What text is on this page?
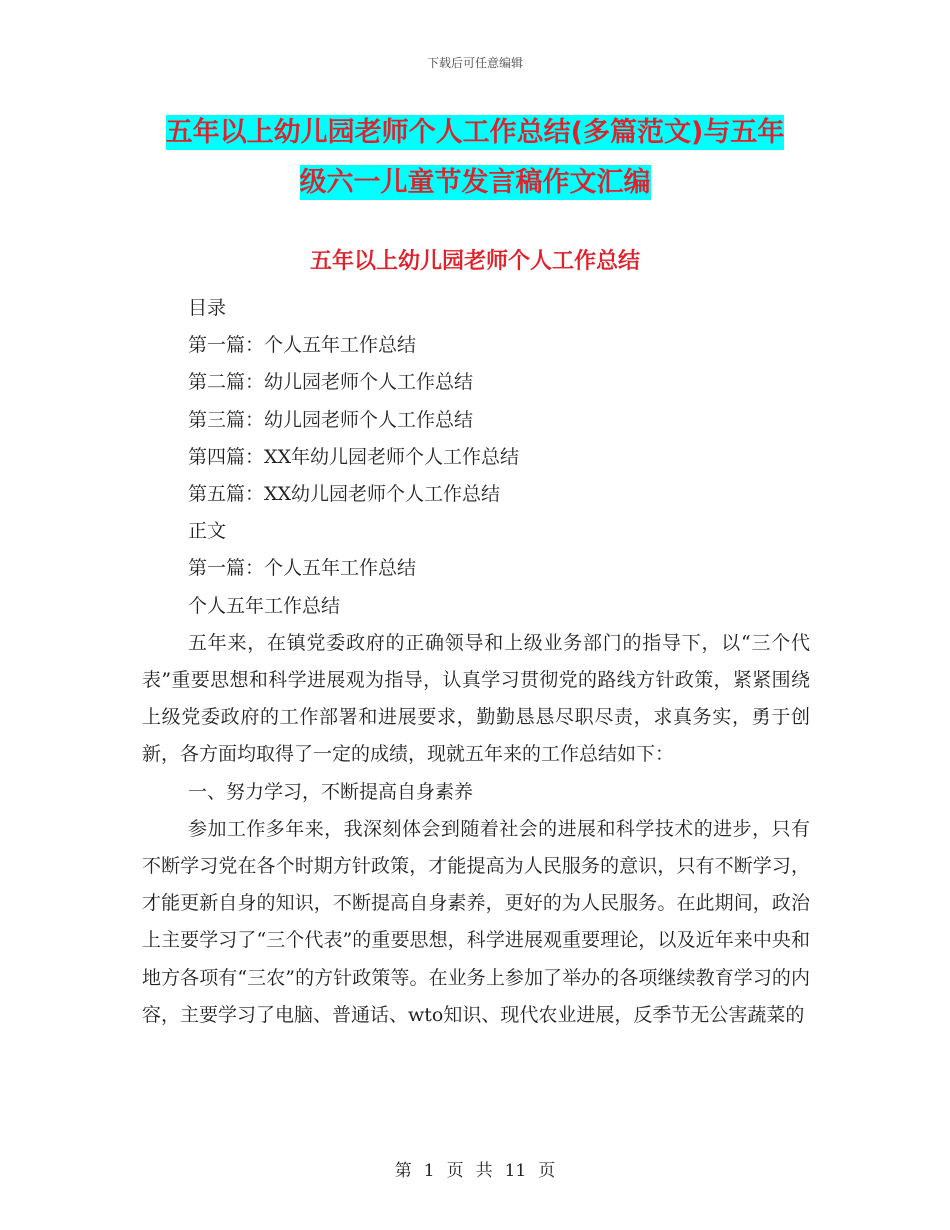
下载后可任意编辑
五年以上幼儿园老师个人工作总结(多篇范文)与五年
级六一儿童节发言稿作文汇编
五年以上幼儿园老师个人工作总结
目录
第一篇：个人五年工作总结
第二篇：幼儿园老师个人工作总结
第三篇：幼儿园老师个人工作总结
第四篇：XX年幼儿园老师个人工作总结
第五篇：XX幼儿园老师个人工作总结
正文
第一篇：个人五年工作总结
个人五年工作总结

五年来，在镇党委政府的正确领导和上级业务部门的指导下，以“三个代表”重要思想和科学进展观为指导，认真学习贯彻党的路线方针政策，紧紧围绕上级党委政府的工作部署和进展要求，勤勤恳恳尽职尽责，求真务实，勇于创新，各方面均取得了一定的成绩，现就五年来的工作总结如下：

一、努力学习，不断提高自身素养

参加工作多年来，我深刻体会到随着社会的进展和科学技术的进步，只有不断学习党在各个时期方针政策，才能提高为人民服务的意识，只有不断学习，才能更新自身的知识，不断提高自身素养，更好的为人民服务。在此期间，政治上主要学习了“三个代表”的重要思想，科学进展观重要理论，以及近年来中央和地方各项有“三农”的方针政策等。在业务上参加了举办的各项继续教育学习的内容，主要学习了电脑、普通话、wto知识、现代农业进展，反季节无公害蔬菜的

第 1 页 共 11 页
